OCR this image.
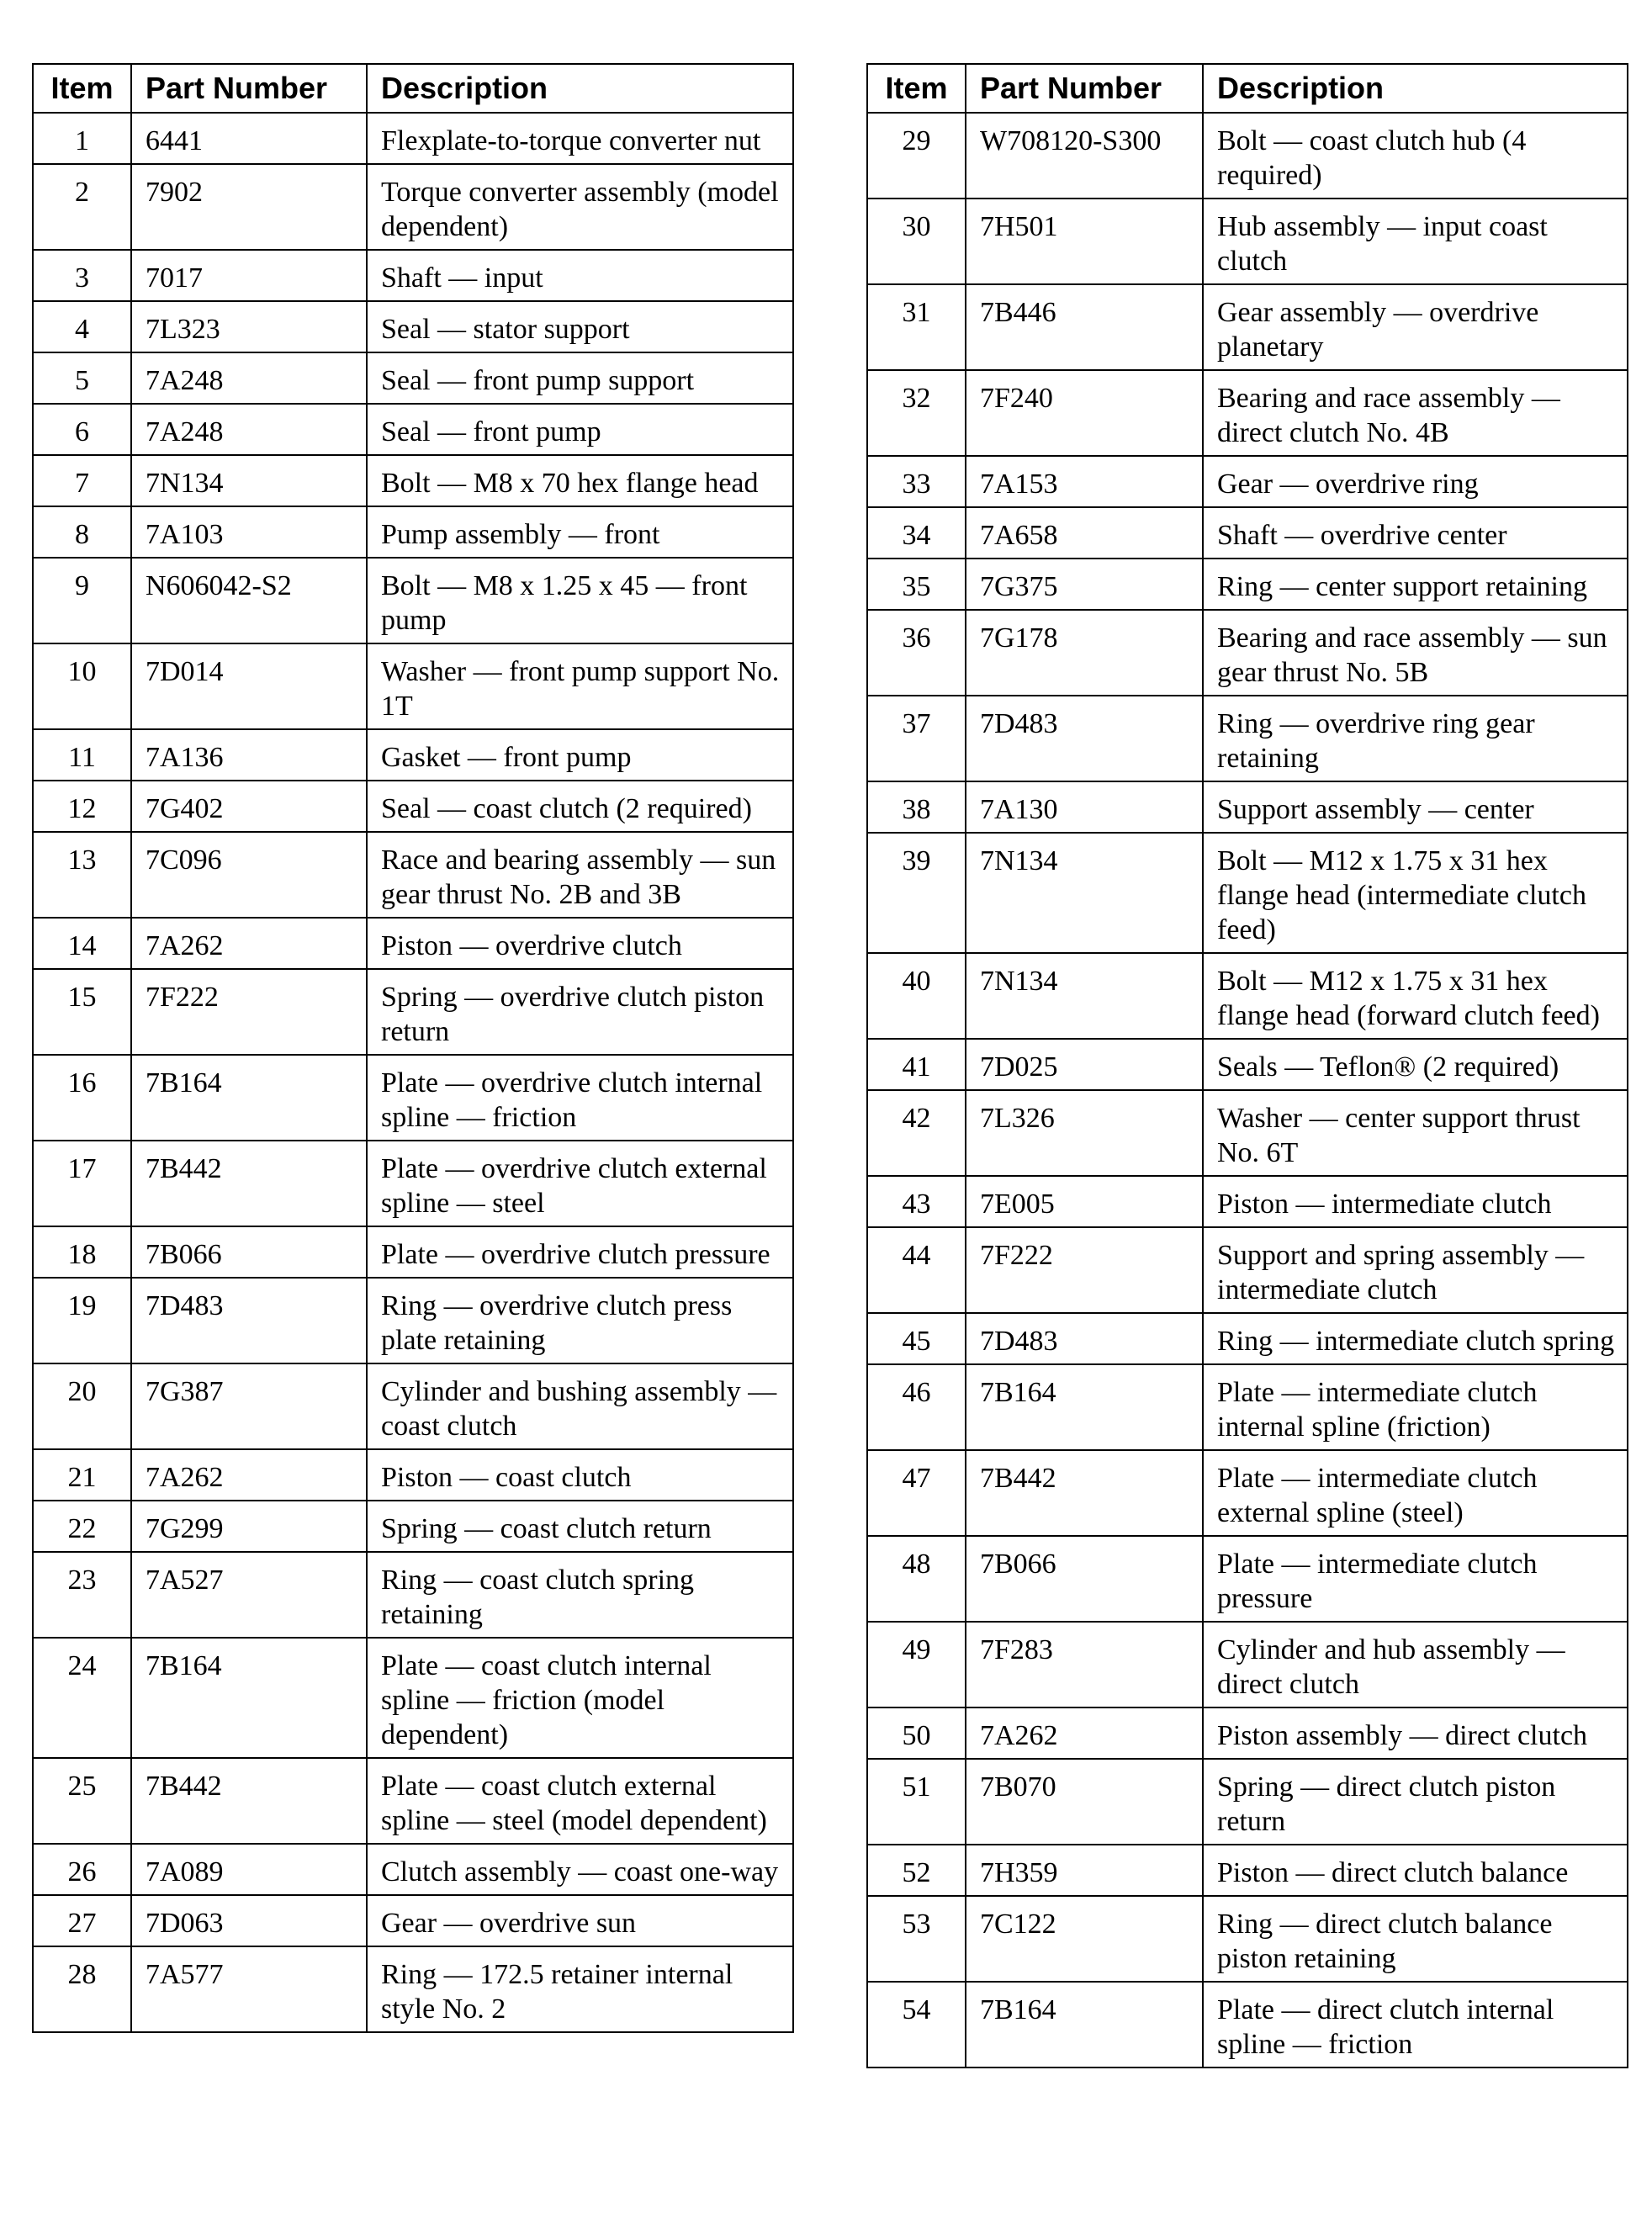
Item	Part Number	Description
1	6441	Flexplate-to-torque converter nut
2	7902	Torque converter assembly (model dependent)
3	7017	Shaft — input
4	7L323	Seal — stator support
5	7A248	Seal — front pump support
6	7A248	Seal — front pump
7	7N134	Bolt — M8 x 70 hex flange head
8	7A103	Pump assembly — front
9	N606042-S2	Bolt — M8 x 1.25 x 45 — front pump
10	7D014	Washer — front pump support No. 1T
11	7A136	Gasket — front pump
12	7G402	Seal — coast clutch (2 required)
13	7C096	Race and bearing assembly — sun gear thrust No. 2B and 3B
14	7A262	Piston — overdrive clutch
15	7F222	Spring — overdrive clutch piston return
16	7B164	Plate — overdrive clutch internal spline — friction
17	7B442	Plate — overdrive clutch external spline — steel
18	7B066	Plate — overdrive clutch pressure
19	7D483	Ring — overdrive clutch press plate retaining
20	7G387	Cylinder and bushing assembly — coast clutch
21	7A262	Piston — coast clutch
22	7G299	Spring — coast clutch return
23	7A527	Ring — coast clutch spring retaining
24	7B164	Plate — coast clutch internal spline — friction (model dependent)
25	7B442	Plate — coast clutch external spline — steel (model dependent)
26	7A089	Clutch assembly — coast one-way
27	7D063	Gear — overdrive sun
28	7A577	Ring — 172.5 retainer internal style No. 2
Item	Part Number	Description
29	W708120-S300	Bolt — coast clutch hub (4 required)
30	7H501	Hub assembly — input coast clutch
31	7B446	Gear assembly — overdrive planetary
32	7F240	Bearing and race assembly — direct clutch No. 4B
33	7A153	Gear — overdrive ring
34	7A658	Shaft — overdrive center
35	7G375	Ring — center support retaining
36	7G178	Bearing and race assembly — sun gear thrust No. 5B
37	7D483	Ring — overdrive ring gear retaining
38	7A130	Support assembly — center
39	7N134	Bolt — M12 x 1.75 x 31 hex flange head (intermediate clutch feed)
40	7N134	Bolt — M12 x 1.75 x 31 hex flange head (forward clutch feed)
41	7D025	Seals — Teflon® (2 required)
42	7L326	Washer — center support thrust No. 6T
43	7E005	Piston — intermediate clutch
44	7F222	Support and spring assembly — intermediate clutch
45	7D483	Ring — intermediate clutch spring
46	7B164	Plate — intermediate clutch internal spline (friction)
47	7B442	Plate — intermediate clutch external spline (steel)
48	7B066	Plate — intermediate clutch pressure
49	7F283	Cylinder and hub assembly — direct clutch
50	7A262	Piston assembly — direct clutch
51	7B070	Spring — direct clutch piston return
52	7H359	Piston — direct clutch balance
53	7C122	Ring — direct clutch balance piston retaining
54	7B164	Plate — direct clutch internal spline — friction
